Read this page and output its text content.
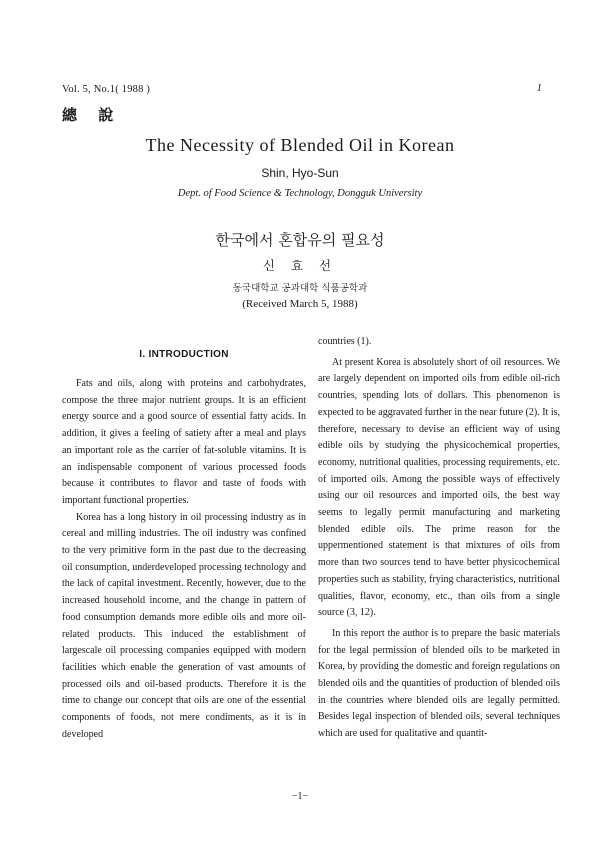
Vol. 5, No.1( 1988 )	1
總 說
The Necessity of Blended Oil in Korean
Shin, Hyo-Sun
Dept. of Food Science & Technology, Dongguk University
한국에서 혼합유의 필요성
신 효 선
동국대학교 공과대학 식품공학과
(Received March 5, 1988)
I. INTRODUCTION

Fats and oils, along with proteins and carbohydrates, compose the three major nutrient groups. It is an efficient energy source and a good source of essential fatty acids. In addition, it gives a feeling of satiety after a meal and plays an important role as the carrier of fat-soluble vitamins. It is an indispensable component of various processed foods because it contributes to flavor and taste of foods with important functional properties.

Korea has a long history in oil processing industry as in cereal and milling industries. The oil industry was confined to the very primitive form in the past due to the decreasing oil consumption, underdeveloped processing technology and the lack of capital investment. Recently, however, due to the increased household income, and the change in pattern of food consumption demands more edible oils and more oil-related products. This induced the establishment of largescale oil processing companies equipped with modern facilities which enable the generation of vast amounts of processed oils and oil-based products. Therefore it is the time to change our concept that oils are one of the essential components of foods, not mere condiments, as it is in developed

countries (1).

At present Korea is absolutely short of oil resources. We are largely dependent on imported oils from edible oil-rich countries, spending lots of dollars. This phenomenon is expected to be aggravated further in the near future (2). It is, therefore, necessary to devise an efficient way of using edible oils by studying the physicochemical properties, economy, nutritional qualities, processing requirements, etc. of imported oils. Among the possible ways of effectively using our oil resources and imported oils, the best way seems to legally permit manufacturing and marketing blended edible oils. The prime reason for the uppermentioned statement is that mixtures of oils from more than two sources tend to have better physicochemical properties such as stability, frying characteristics, nutritional qualities, flavor, economy, etc., than oils from a single source (3, 12).

In this report the author is to prepare the basic materials for the legal permission of blended oils to be marketed in Korea, by providing the domestic and foreign regulations on blended oils and the quantities of production of blended oils in the countries where blended oils are legally permitted. Besides legal inspection of blended oils, several techniques which are used for qualitative and quantit-

−1−
